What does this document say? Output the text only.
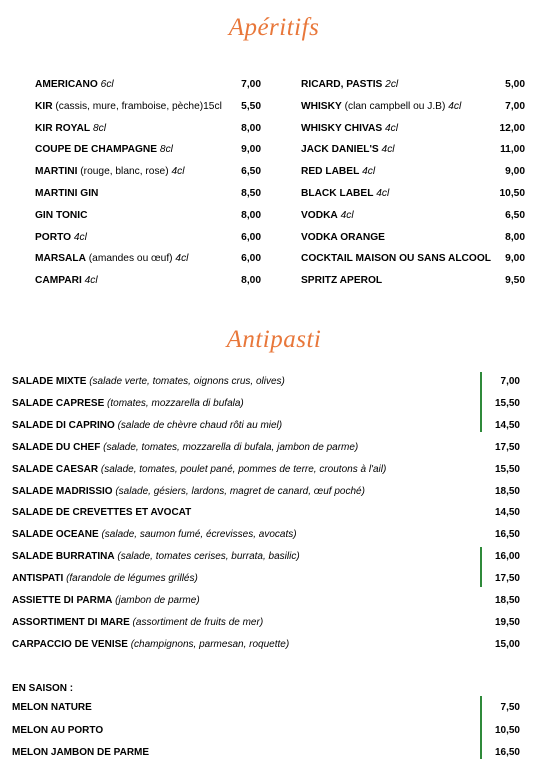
Apéritifs
AMERICANO 6cl	7,00
KIR (cassis, mure, framboise, pèche)15cl 5,50
KIR ROYAL 8cl	8,00
COUPE DE CHAMPAGNE 8cl	9,00
MARTINI (rouge, blanc, rose) 4cl	6,50
MARTINI GIN	8,50
GIN TONIC	8,00
PORTO 4cl	6,00
MARSALA (amandes ou œuf) 4cl	6,00
CAMPARI 4cl	8,00
RICARD, PASTIS 2cl	5,00
WHISKY (clan campbell ou J.B) 4cl	7,00
WHISKY CHIVAS 4cl	12,00
JACK DANIEL'S 4cl	11,00
RED LABEL 4cl	9,00
BLACK LABEL 4cl	10,50
VODKA 4cl	6,50
VODKA ORANGE	8,00
COCKTAIL MAISON OU SANS ALCOOL 9,00
SPRITZ APEROL	9,50
Antipasti
SALADE MIXTE (salade verte, tomates, oignons crus, olives)	7,00
SALADE CAPRESE (tomates, mozzarella di bufala)	15,50
SALADE DI CAPRINO (salade de chèvre chaud rôti au miel)	14,50
SALADE DU CHEF (salade, tomates, mozzarella di bufala, jambon de parme)	17,50
SALADE CAESAR (salade, tomates, poulet pané, pommes de terre, croutons à l'ail)	15,50
SALADE MADRISSIO (salade, gésiers, lardons, magret de canard, œuf poché)	18,50
SALADE DE CREVETTES ET AVOCAT	14,50
SALADE OCEANE (salade, saumon fumé, écrevisses, avocats)	16,50
SALADE BURRATINA (salade, tomates cerises, burrata, basilic)	16,00
ANTISPATI (farandole de légumes grillés)	17,50
ASSIETTE DI PARMA (jambon de parme)	18,50
ASSORTIMENT DI MARE (assortiment de fruits de mer)	19,50
CARPACCIO DE VENISE (champignons, parmesan, roquette)	15,00
EN SAISON :
MELON NATURE	7,50
MELON AU PORTO	10,50
MELON JAMBON DE PARME	16,50
